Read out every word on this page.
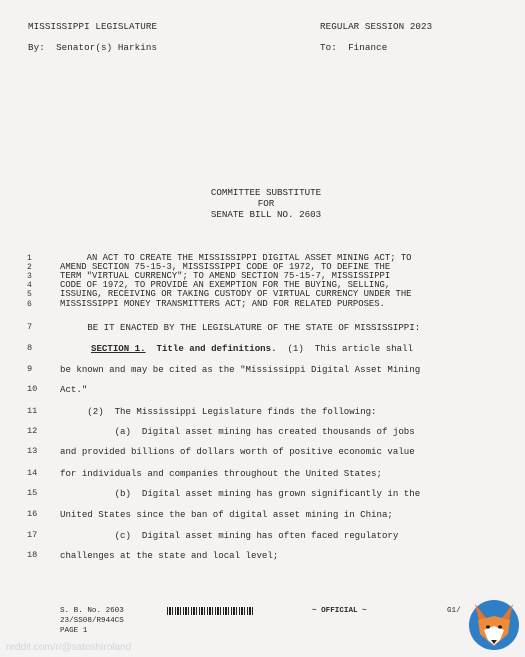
MISSISSIPPI LEGISLATURE	REGULAR SESSION 2023
By:  Senator(s) Harkins	To:  Finance
COMMITTEE SUBSTITUTE
FOR
SENATE BILL NO. 2603
1	AN ACT TO CREATE THE MISSISSIPPI DIGITAL ASSET MINING ACT; TO
2	AMEND SECTION 75-15-3, MISSISSIPPI CODE OF 1972, TO DEFINE THE
3	TERM "VIRTUAL CURRENCY"; TO AMEND SECTION 75-15-7, MISSISSIPPI
4	CODE OF 1972, TO PROVIDE AN EXEMPTION FOR THE BUYING, SELLING,
5	ISSUING, RECEIVING OR TAKING CUSTODY OF VIRTUAL CURRENCY UNDER THE
6	MISSISSIPPI MONEY TRANSMITTERS ACT; AND FOR RELATED PURPOSES.
7	BE IT ENACTED BY THE LEGISLATURE OF THE STATE OF MISSISSIPPI:
8	SECTION 1. Title and definitions.  (1)  This article shall
9	be known and may be cited as the "Mississippi Digital Asset Mining
10	Act."
11	(2)  The Mississippi Legislature finds the following:
12	(a)  Digital asset mining has created thousands of jobs
13	and provided billions of dollars worth of positive economic value
14	for individuals and companies throughout the United States;
15	(b)  Digital asset mining has grown significantly in the
16	United States since the ban of digital asset mining in China;
17	(c)  Digital asset mining has often faced regulatory
18	challenges at the state and local level;
S. B. No. 2603
23/SS08/R944CS
PAGE 1
~ OFFICIAL ~	G1/
reddit.com/r/@satoshiroland
